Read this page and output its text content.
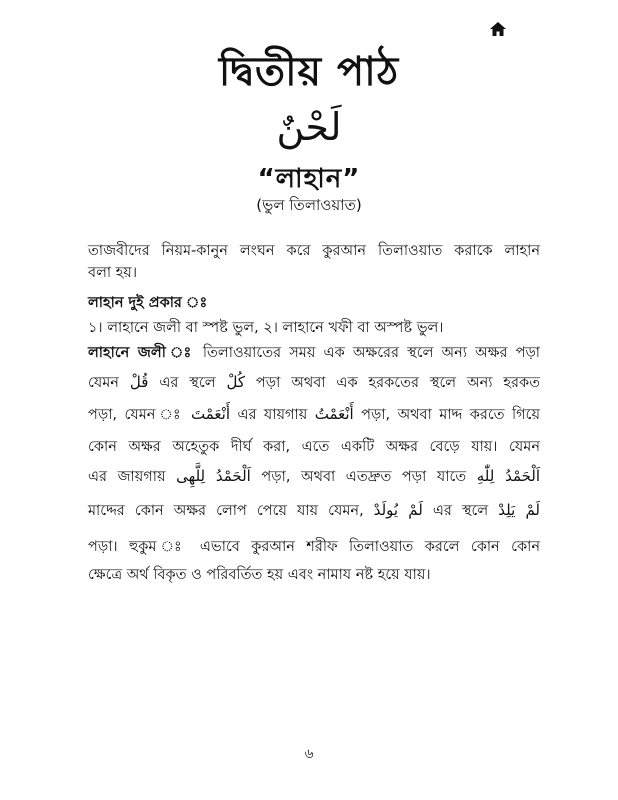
দ্বিতীয় পাঠ
لَحْنٌ
“লাহান”
(ভুল তিলাওয়াত)
তাজবীদের নিয়ম-কানুন লংঘন করে কুরআন তিলাওয়াত করাকে লাহান
বলা হয়।
লাহান দুই প্রকার ঃ
১। লাহানে জলী বা স্পষ্ট ভুল, ২। লাহানে খফী বা অস্পষ্ট ভুল।
লাহানে জলী ঃ তিলাওয়াতের সময় এক অক্ষরের স্থলে অন্য অক্ষর পড়া
যেমন قُلْ এর স্থলে كُلْ পড়া অথবা এক হরকতের স্থলে অন্য হরকত
পড়া, যেমন ঃ أَنْعَمْتَ এর যায়গায় أَنْعَمْتُ পড়া, অথবা মাদ্দ করতে গিয়ে
কোন অক্ষর অহেতুক দীর্ঘ করা, এতে একটি অক্ষর বেড়ে যায়। যেমন
এর জায়গায় اَلْحَمْدُ لِلَّهِى পড়া, অথবা এতদ্রুত পড়া যাতে اَلْحَمْدُ لِلّٰهِ
মাদ্দের কোন অক্ষর লোপ পেয়ে যায় যেমন, لَمْ يُولَدْ এর স্থলে لَمْ يَلِدْ
পড়া। হুকুম ঃ এভাবে কুরআন শরীফ তিলাওয়াত করলে কোন কোন
ক্ষেত্রে অর্থ বিকৃত ও পরিবর্তিত হয় এবং নামায নষ্ট হয়ে যায়।
৬
